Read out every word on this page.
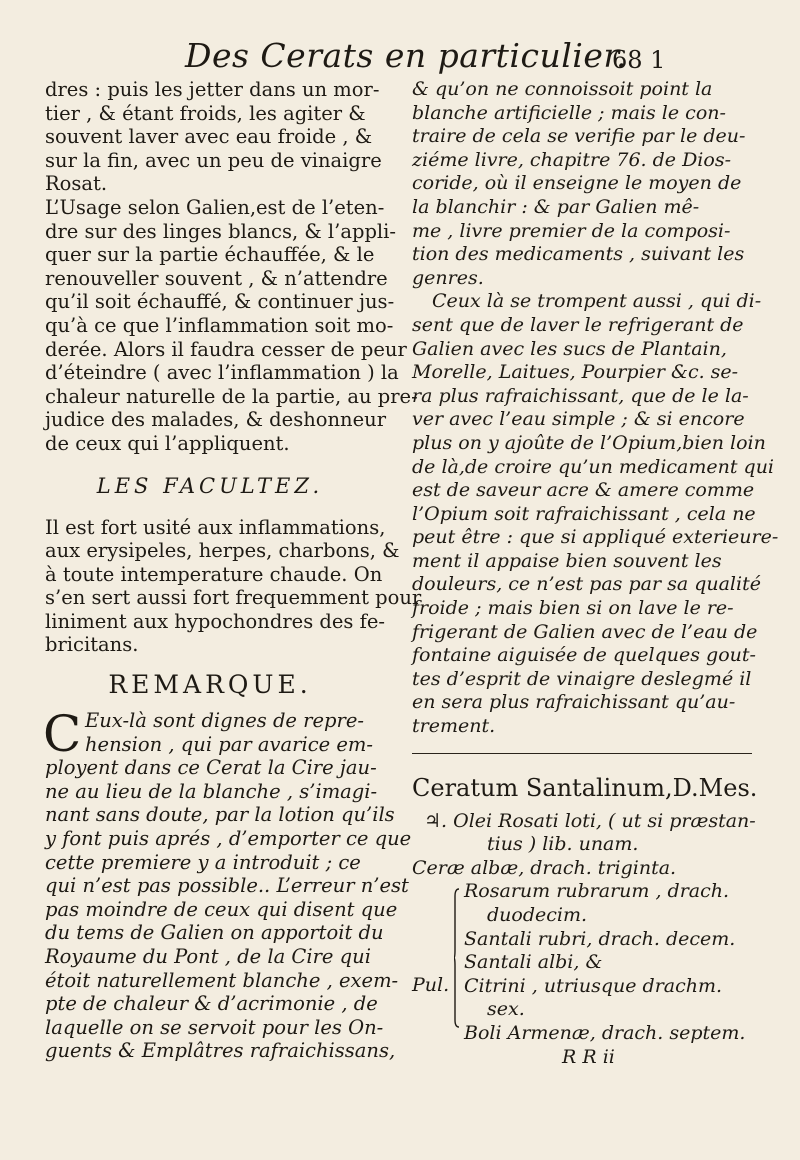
Des Cerats en particulier.
68 1
dres : puis les jetter dans un mor-
tier , & étant froids, les agiter &
souvent laver avec eau froide , &
sur la fin, avec un peu de vinaigre
Rosat.
L’Usage selon Galien,est de l’eten-
dre sur des linges blancs, & l’appli-
quer sur la partie échauffée, & le
renouveller souvent , & n’attendre
qu’il soit échauffé, & continuer jus-
qu’à ce que l’inflammation soit mo-
derée. Alors il faudra cesser de peur
d’éteindre ( avec l’inflammation ) la
chaleur naturelle de la partie, au pre-
judice des malades, & deshonneur
de ceux qui l’appliquent.
LES FACULTEZ.
Il est fort usité aux inflammations,
aux erysipeles, herpes, charbons, &
à toute intemperature chaude. On
s’en sert aussi fort frequemment pour
liniment aux hypochondres des fe-
bricitans.
REMARQUE.
C Eux-là sont dignes de repre-
hension , qui par avarice em-
ployent dans ce Cerat la Cire jau-
ne au lieu de la blanche , s’imagi-
nant sans doute, par la lotion qu’ils
y font puis aprés , d’emporter ce que
cette premiere y a introduit ; ce
qui n’est pas possible.. L’erreur n’est
pas moindre de ceux qui disent que
du tems de Galien on apportoit du
Royaume du Pont , de la Cire qui
étoit naturellement blanche , exem-
pte de chaleur & d’acrimonie , de
laquelle on se servoit pour les On-
guents & Emplâtres rafraichissans,
& qu’on ne connoissoit point la
blanche artificielle ; mais le con-
traire de cela se verifie par le deu-
ziéme livre, chapitre 76. de Dios-
coride, où il enseigne le moyen de
la blanchir : & par Galien mê-
me , livre premier de la composi-
tion des medicaments , suivant les
genres.
Ceux là se trompent aussi , qui di-
sent que de laver le refrigerant de
Galien avec les sucs de Plantain,
Morelle, Laitues, Pourpier &c. se-
ra plus rafraichissant, que de le la-
ver avec l’eau simple ; & si encore
plus on y ajoûte de l’Opium,bien loin
de là,de croire qu’un medicament qui
est de saveur acre & amere comme
l’Opium soit rafraichissant , cela ne
peut être : que si appliqué exterieure-
ment il appaise bien souvent les
douleurs, ce n’est pas par sa qualité
froide ; mais bien si on lave le re-
frigerant de Galien avec de l’eau de
fontaine aiguisée de quelques gout-
tes d’esprit de vinaigre deslegmé il
en sera plus rafraichissant qu’au-
trement.
Ceratum Santalinum,D.Mes.
♃. Olei Rosati loti, ( ut si præstan-
tius ) lib. unam.
Ceræ albæ, drach. triginta.
Pul.
Rosarum rubrarum , drach.
duodecim.
Santali rubri, drach. decem.
Santali albi, &
Citrini , utriusque drachm.
sex.
Boli Armenæ, drach. septem.
R R ii
